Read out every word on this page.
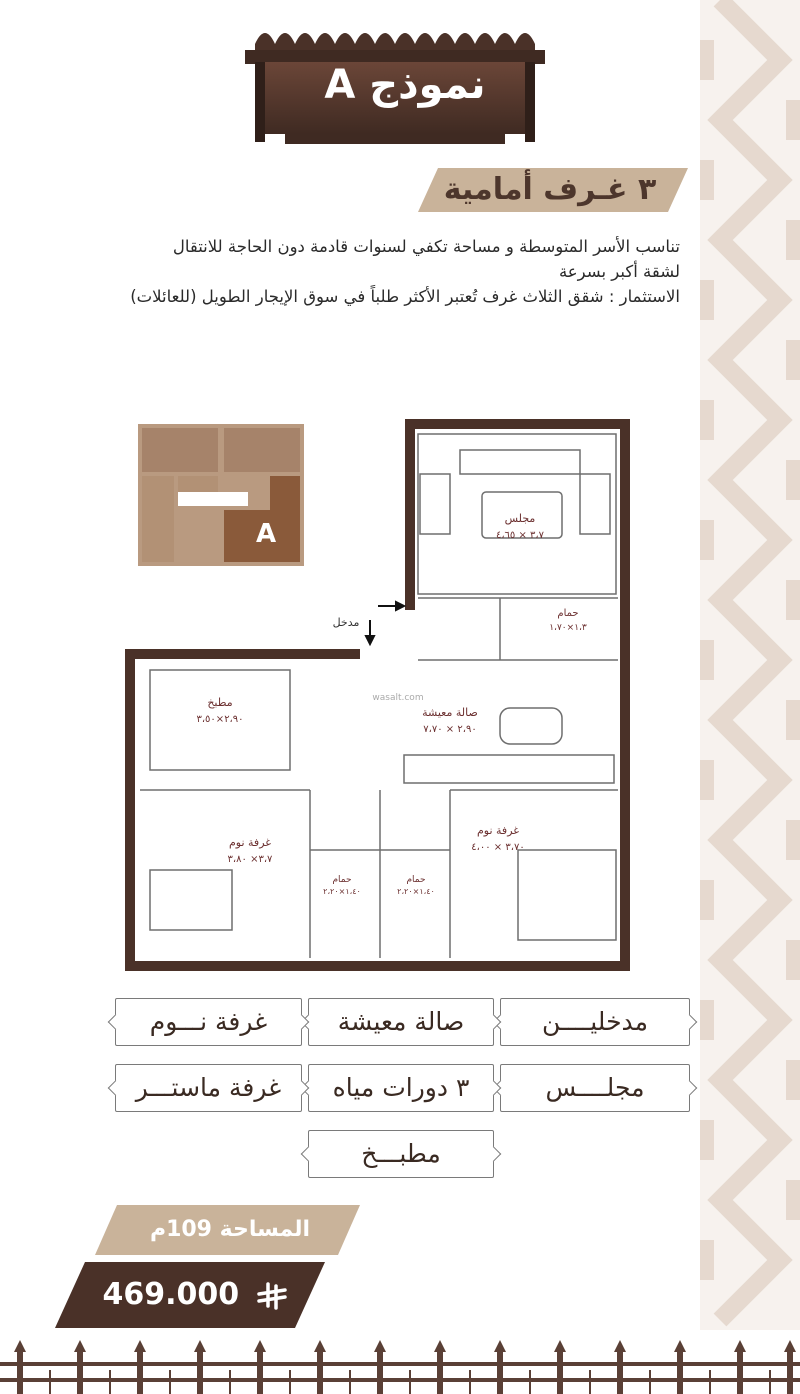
نموذج A
٣ غـرف أمامية

تناسب الأسر المتوسطة و مساحة تكفي لسنوات قادمة دون الحاجة للانتقال

لشقة أكبر بسرعة

الاستثمار : شقق الثلاث غرف تُعتبر الأكثر طلباً في سوق الإيجار الطويل (للعائلات)

A
مدخل
wasalt.com
مجلس
٣،٧ × ٤،٦٥
حمام
١،٣×١،٧٠
مطبخ
٢،٩٠×٣،٥٠
صالة معيشة
٢،٩٠ × ٧،٧٠
غرفة نوم
٣،٧× ٣،٨٠
حمام
١،٤٠×٢،٢٠
حمام
١،٤٠×٢،٢٠
غرفة نوم
٣،٧٠ × ٤،٠٠
مدخليــــن
صالة معيشة
غرفة نـــوم
مجلــــس
٣ دورات مياه
غرفة ماستـــر
مطبـــخ
المساحة 109م
469.000
